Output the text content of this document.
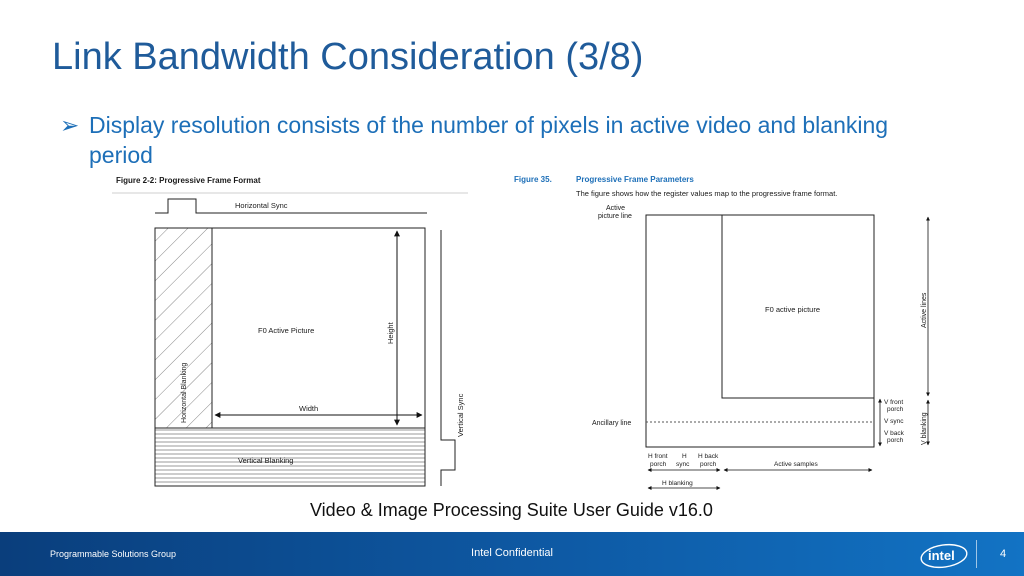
Link Bandwidth Consideration (3/8)
➢ Display resolution consists of the number of pixels in active video and blanking period
Figure 2-2: Progressive Frame Format
Horizontal Sync
F0 Active Picture	Height
Width
Horizontal Blanking
Vertical Blanking
Vertical Sync
Figure 35.	Progressive Frame Parameters
The figure shows how the register values map to the progressive frame format.
Active
picture line
F0 active picture
Ancillary line
Active lines
V blanking
V front
porch
V sync
V back
porch
H front
porch
H
sync
H back
porch	Active samples
H blanking
Video & Image Processing Suite User Guide v16.0
Programmable Solutions Group	Intel Confidential	intel	4
